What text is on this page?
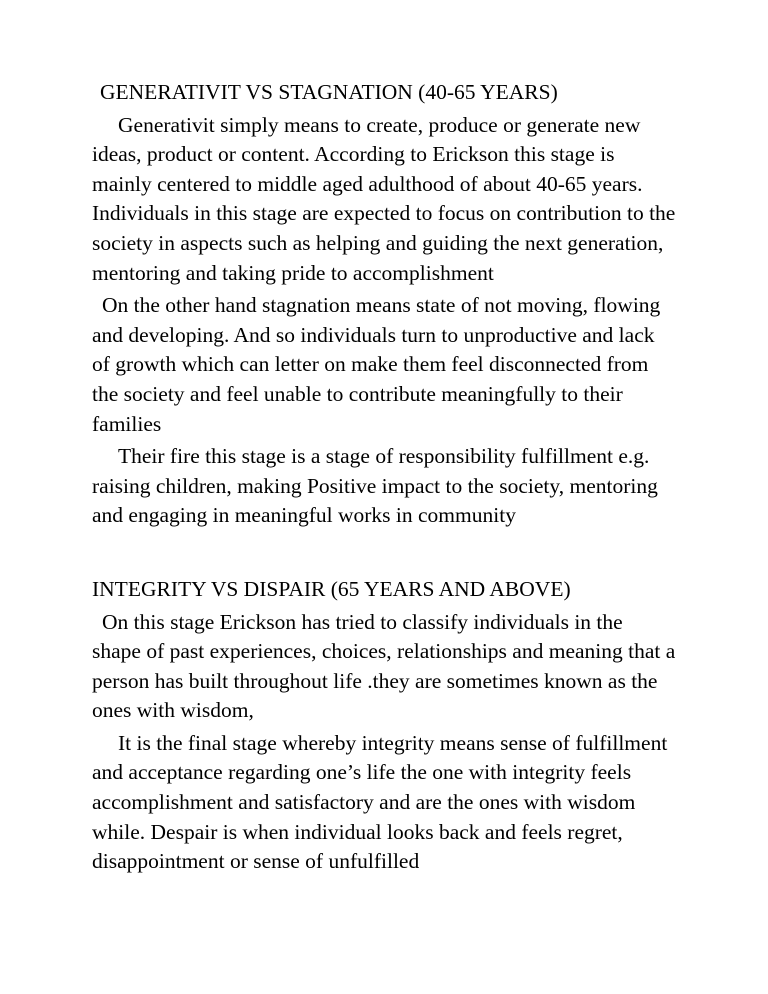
GENERATIVIT VS STAGNATION (40-65 YEARS)

Generativit simply means to create, produce or generate new ideas, product or content. According to Erickson this stage is mainly centered to middle aged adulthood of about 40-65 years. Individuals in this stage are expected to focus on contribution to the society in aspects such as helping and guiding the next generation, mentoring and taking pride to accomplishment

On the other hand stagnation means state of not moving, flowing and developing. And so individuals turn to unproductive and lack of growth which can letter on make them feel disconnected from the society and feel unable to contribute meaningfully to their families

Their fire this stage is a stage of responsibility fulfillment e.g. raising children, making Positive impact to the society, mentoring and engaging in meaningful works in community

INTEGRITY VS DISPAIR (65 YEARS AND ABOVE)

On this stage Erickson has tried to classify individuals in the shape of past experiences, choices, relationships and meaning that a person has built throughout life .they are sometimes known as the ones with wisdom,

It is the final stage whereby integrity means sense of fulfillment and acceptance regarding one’s life the one with integrity feels accomplishment and satisfactory and are the ones with wisdom while. Despair is when individual looks back and feels regret, disappointment or sense of unfulfilled
